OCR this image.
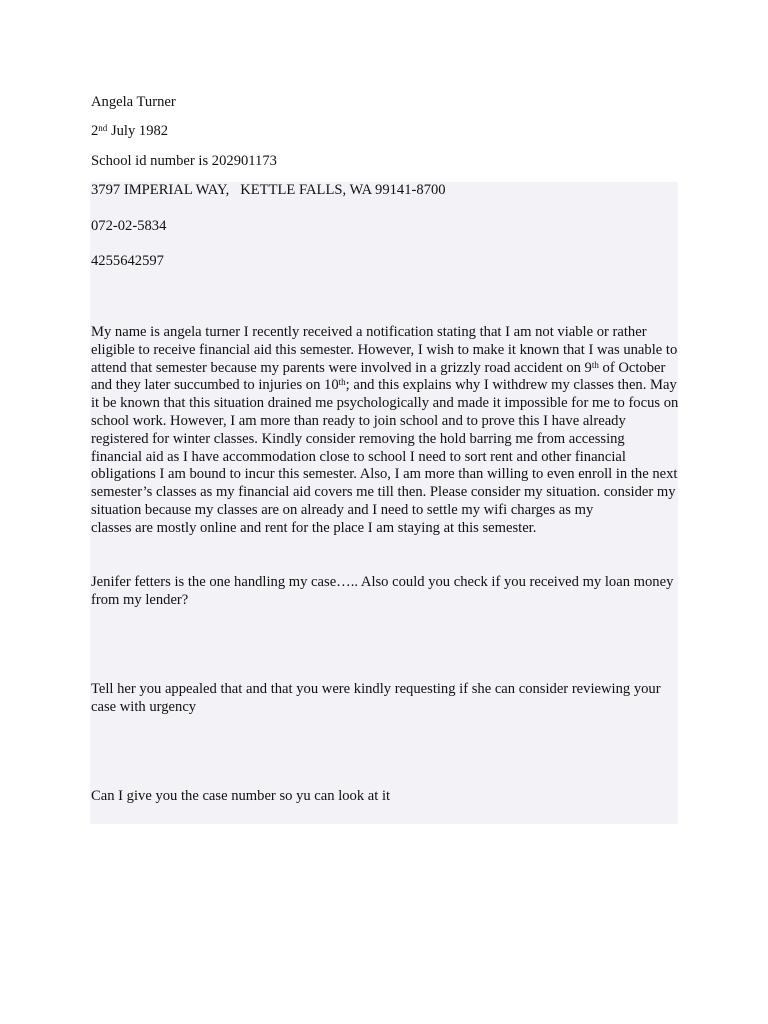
Angela Turner
2nd July 1982
School id number is 202901173
3797 IMPERIAL WAY,   KETTLE FALLS, WA 99141-8700
072-02-5834
4255642597
My name is angela turner I recently received a notification stating that I am not viable or rather eligible to receive financial aid this semester. However, I wish to make it known that I was unable to attend that semester because my parents were involved in a grizzly road accident on 9th of October and they later succumbed to injuries on 10th; and this explains why I withdrew my classes then. May it be known that this situation drained me psychologically and made it impossible for me to focus on school work. However, I am more than ready to join school and to prove this I have already registered for winter classes. Kindly consider removing the hold barring me from accessing financial aid as I have accommodation close to school I need to sort rent and other financial obligations I am bound to incur this semester. Also, I am more than willing to even enroll in the next semester’s classes as my financial aid covers me till then. Please consider my situation. consider my situation because my classes are on already and I need to settle my wifi charges as my
classes are mostly online and rent for the place I am staying at this semester.
Jenifer fetters is the one handling my case….. Also could you check if you received my loan money from my lender?
Tell her you appealed that and that you were kindly requesting if she can consider reviewing your case with urgency
Can I give you the case number so yu can look at it
